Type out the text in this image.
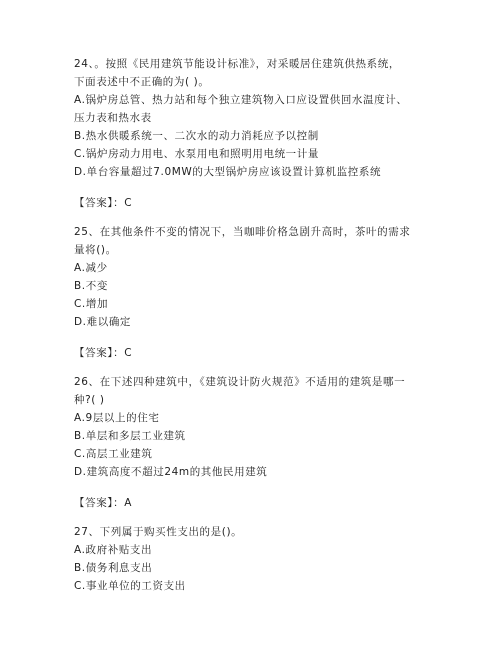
24、。按照《民用建筑节能设计标准》，对采暖居住建筑供热系统，
下面表述中不正确的为( )。
A.锅炉房总管、热力站和每个独立建筑物入口应设置供回水温度计、
压力表和热水表
B.热水供暖系统一、二次水的动力消耗应予以控制
C.锅炉房动力用电、水泵用电和照明用电统一计量
D.单台容量超过7.0MW的大型锅炉房应该设置计算机监控系统
【答案】：C
25、在其他条件不变的情况下，当咖啡价格急剧升高时，茶叶的需求
量将()。
A.减少
B.不变
C.增加
D.难以确定
【答案】：C
26、在下述四种建筑中，《建筑设计防火规范》不适用的建筑是哪一
种?( )
A.9层以上的住宅
B.单层和多层工业建筑
C.高层工业建筑
D.建筑高度不超过24m的其他民用建筑
【答案】：A
27、下列属于购买性支出的是()。
A.政府补贴支出
B.债务利息支出
C.事业单位的工资支出
